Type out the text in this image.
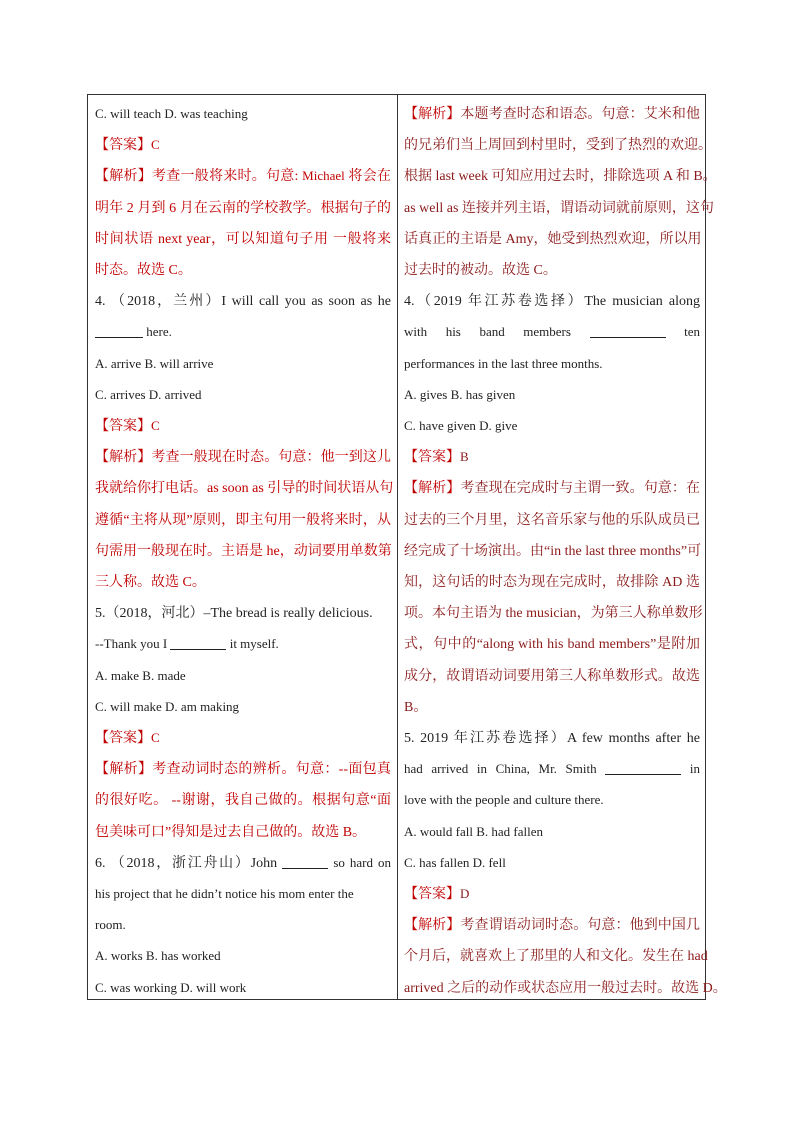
C. will teach D. was teaching
【答案】C
【解析】考查一般将来时。句意: Michael 将会在
明年 2 月到 6 月在云南的学校教学。根据句子的
时间状语 next year，可以知道句子用 一般将来
时态。故选 C。
4. （2018，兰州）I will call you as soon as he
here.
A. arrive B. will arrive
C. arrives D. arrived
【答案】C
【解析】考查一般现在时态。句意：他一到这儿
我就给你打电话。as soon as 引导的时间状语从句
遵循“主将从现”原则，即主句用一般将来时，从
句需用一般现在时。主语是 he，动词要用单数第
三人称。故选 C。
5.（2018，河北）–The bread is really delicious.
--Thank you I	it myself.
A. make B. made
C. will make D. am making
【答案】C
【解析】考查动词时态的辨析。句意：--面包真
的很好吃。 --谢谢，我自己做的。根据句意“面
包美味可口”得知是过去自己做的。故选 B。
6. （2018，浙江舟山）John	so hard on
his project that he didn’t notice his mom enter the
room.
A. works B. has worked
C. was working D. will work
【解析】本题考查时态和语态。句意：艾米和他
的兄弟们当上周回到村里时，受到了热烈的欢迎。
根据 last week 可知应用过去时，排除选项 A 和 B。
as well as 连接并列主语，谓语动词就前原则，这句
话真正的主语是 Amy，她受到热烈欢迎，所以用
过去时的被动。故选 C。
4.（2019 年江苏卷选择）The musician along
with his band members	ten
performances in the last three months.
A. gives B. has given
C. have given D. give
【答案】B
【解析】考查现在完成时与主谓一致。句意：在
过去的三个月里，这名音乐家与他的乐队成员已
经完成了十场演出。由“in the last three months”可
知，这句话的时态为现在完成时，故排除 AD 选
项。本句主语为 the musician，为第三人称单数形
式，句中的“along with his band members”是附加
成分，故谓语动词要用第三人称单数形式。故选
B。
5. 2019 年江苏卷选择）A few months after he
had arrived in China, Mr. Smith	in
love with the people and culture there.
A. would fall B. had fallen
C. has fallen D. fell
【答案】D
【解析】考查谓语动词时态。句意：他到中国几
个月后，就喜欢上了那里的人和文化。发生在 had
arrived 之后的动作或状态应用一般过去时。故选 D。
